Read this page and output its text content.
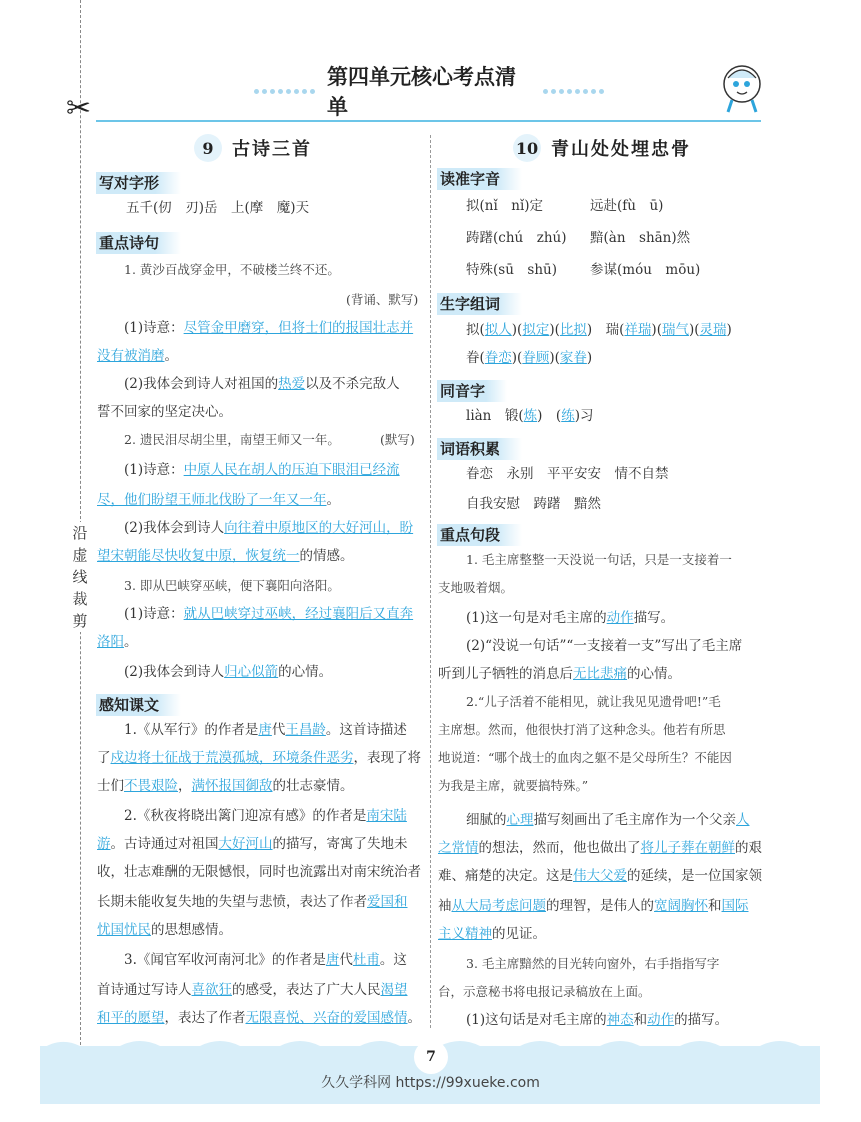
✂
沿虚线裁剪
第四单元核心考点清单
9	古诗三首
写对字形
五千(仞　刃)岳　上(摩　魔)天
重点诗句
1. 黄沙百战穿金甲，不破楼兰终不还。
(背诵、默写)
(1)诗意：尽管金甲磨穿，但将士们的报国壮志并
没有被消磨。
(2)我体会到诗人对祖国的热爱以及不杀完敌人
誓不回家的坚定决心。
2. 遗民泪尽胡尘里，南望王师又一年。	(默写)
(1)诗意：中原人民在胡人的压迫下眼泪已经流
尽，他们盼望王师北伐盼了一年又一年。
(2)我体会到诗人向往着中原地区的大好河山，盼
望宋朝能尽快收复中原，恢复统一的情感。
3. 即从巴峡穿巫峡，便下襄阳向洛阳。
(1)诗意：就从巴峡穿过巫峡，经过襄阳后又直奔
洛阳。
(2)我体会到诗人归心似箭的心情。
感知课文
1.《从军行》的作者是唐代王昌龄。这首诗描述
了戍边将士征战于荒漠孤城，环境条件恶劣，表现了将
士们不畏艰险，满怀报国御敌的壮志豪情。
2.《秋夜将晓出篱门迎凉有感》的作者是南宋陆
游。古诗通过对祖国大好河山的描写，寄寓了失地未
收，壮志难酬的无限憾恨，同时也流露出对南宋统治者
长期未能收复失地的失望与悲愤，表达了作者爱国和
忧国忧民的思想感情。
3.《闻官军收河南河北》的作者是唐代杜甫。这
首诗通过写诗人喜欲狂的感受，表达了广大人民渴望
和平的愿望，表达了作者无限喜悦、兴奋的爱国感情。
10 青山处处埋忠骨
读准字音
拟(nǐ　nǐ)定	远赴(fù　ū)
踌躇(chú　zhú) 黯(àn　shān)然
特殊(sū　shū) 参谋(móu　mōu)
生字组词
拟(拟人)(拟定)(比拟)　瑞(祥瑞)(瑞气)(灵瑞)
眷(眷恋)(眷顾)(家眷)
同音字
liàn　锻(炼)　(练)习
词语积累
眷恋　永别　平平安安　情不自禁
自我安慰　踌躇　黯然
重点句段
1. 毛主席整整一天没说一句话，只是一支接着一
支地吸着烟。
(1)这一句是对毛主席的动作描写。
(2)“没说一句话”“一支接着一支”写出了毛主席
听到儿子牺牲的消息后无比悲痛的心情。
2.“儿子活着不能相见，就让我见见遗骨吧!”毛
主席想。然而，他很快打消了这种念头。他若有所思
地说道：“哪个战士的血肉之躯不是父母所生？不能因
为我是主席，就要搞特殊。”
细腻的心理描写刻画出了毛主席作为一个父亲人
之常情的想法，然而，他也做出了将儿子葬在朝鲜的艰
难、痛楚的决定。这是伟大父爱的延续，是一位国家领
袖从大局考虑问题的理智，是伟人的宽阔胸怀和国际
主义精神的见证。
3. 毛主席黯然的目光转向窗外，右手指指写字
台，示意秘书将电报记录稿放在上面。
(1)这句话是对毛主席的神态和动作的描写。
7
久久学科网 https://99xueke.com
